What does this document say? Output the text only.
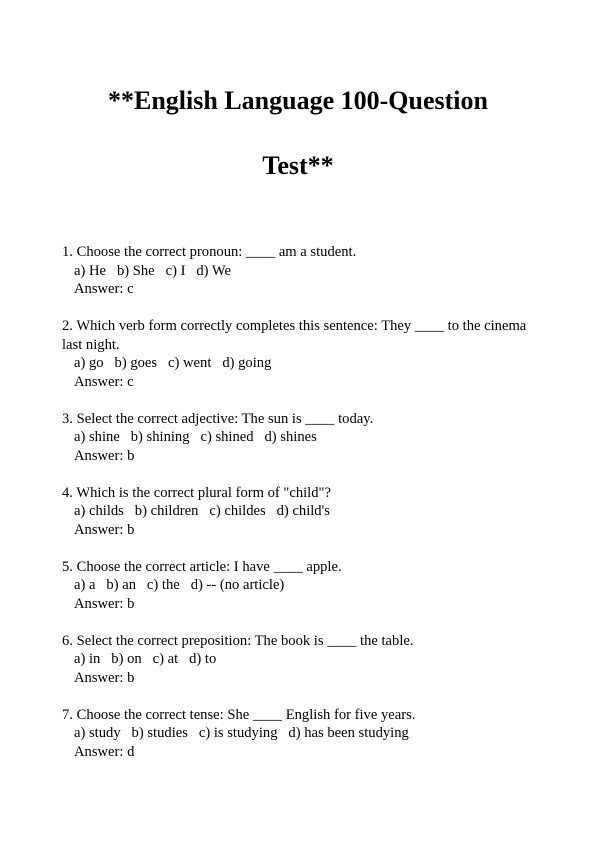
**English Language 100-Question
Test**
1. Choose the correct pronoun: ____ am a student.
a) He   b) She   c) I   d) We
Answer: c
2. Which verb form correctly completes this sentence: They ____ to the cinema last night.
a) go   b) goes   c) went   d) going
Answer: c
3. Select the correct adjective: The sun is ____ today.
a) shine   b) shining   c) shined   d) shines
Answer: b
4. Which is the correct plural form of "child"?
a) childs   b) children   c) childes   d) child's
Answer: b
5. Choose the correct article: I have ____ apple.
a) a   b) an   c) the   d) -- (no article)
Answer: b
6. Select the correct preposition: The book is ____ the table.
a) in   b) on   c) at   d) to
Answer: b
7. Choose the correct tense: She ____ English for five years.
a) study   b) studies   c) is studying   d) has been studying
Answer: d
